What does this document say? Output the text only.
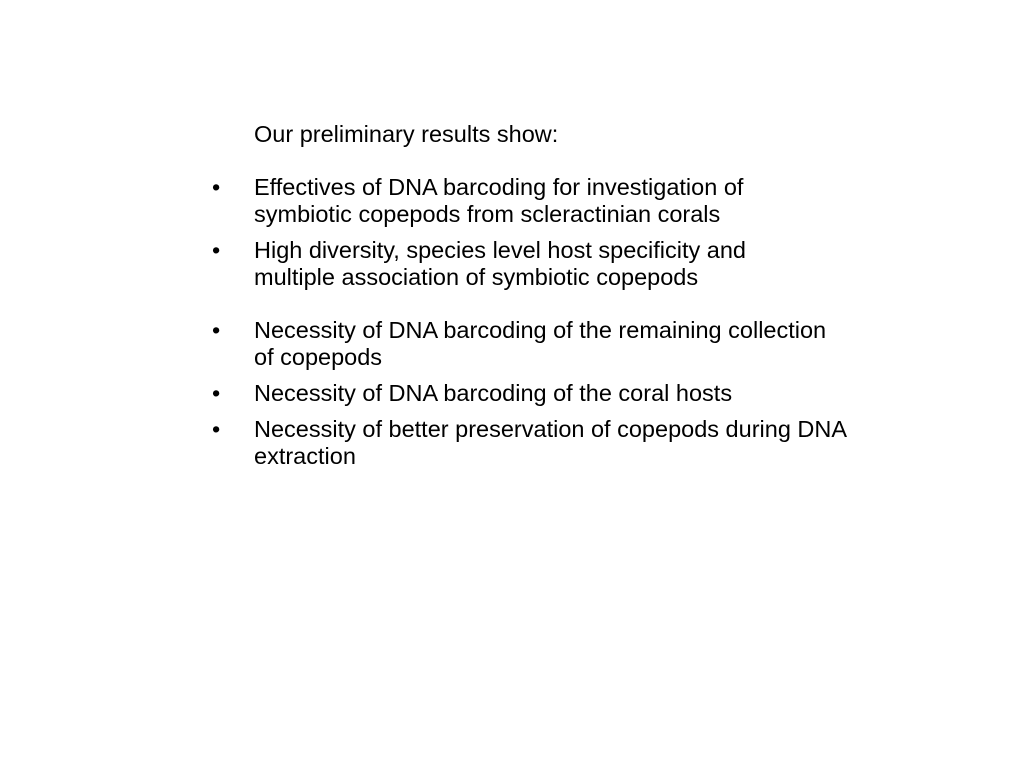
Our preliminary results show:

• Effectives of DNA barcoding for investigation of symbiotic copepods from scleractinian corals
• High diversity, species level host specificity and multiple association of symbiotic copepods
• Necessity of DNA barcoding of the remaining collection of copepods
• Necessity of DNA barcoding of the coral hosts
• Necessity of better preservation of copepods during DNA extraction
